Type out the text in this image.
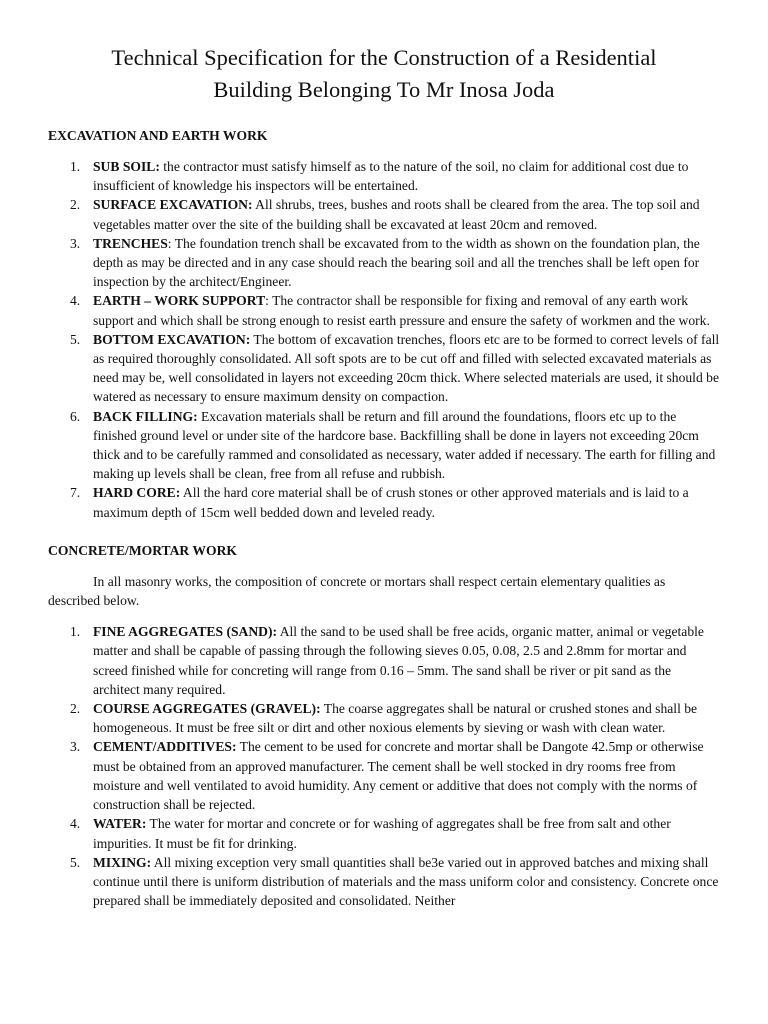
Technical Specification for the Construction of a Residential
Building Belonging To Mr Inosa Joda
EXCAVATION AND EARTH WORK
1. SUB SOIL: the contractor must satisfy himself as to the nature of the soil, no claim for additional cost due to insufficient of knowledge his inspectors will be entertained.
2. SURFACE EXCAVATION: All shrubs, trees, bushes and roots shall be cleared from the area. The top soil and vegetables matter over the site of the building shall be excavated at least 20cm and removed.
3. TRENCHES: The foundation trench shall be excavated from to the width as shown on the foundation plan, the depth as may be directed and in any case should reach the bearing soil and all the trenches shall be left open for inspection by the architect/Engineer.
4. EARTH – WORK SUPPORT: The contractor shall be responsible for fixing and removal of any earth work support and which shall be strong enough to resist earth pressure and ensure the safety of workmen and the work.
5. BOTTOM EXCAVATION: The bottom of excavation trenches, floors etc are to be formed to correct levels of fall as required thoroughly consolidated. All soft spots are to be cut off and filled with selected excavated materials as need may be, well consolidated in layers not exceeding 20cm thick. Where selected materials are used, it should be watered as necessary to ensure maximum density on compaction.
6. BACK FILLING: Excavation materials shall be return and fill around the foundations, floors etc up to the finished ground level or under site of the hardcore base. Backfilling shall be done in layers not exceeding 20cm thick and to be carefully rammed and consolidated as necessary, water added if necessary. The earth for filling and making up levels shall be clean, free from all refuse and rubbish.
7. HARD CORE: All the hard core material shall be of crush stones or other approved materials and is laid to a maximum depth of 15cm well bedded down and leveled ready.
CONCRETE/MORTAR WORK

In all masonry works, the composition of concrete or mortars shall respect certain elementary qualities as described below.

1. FINE AGGREGATES (SAND): All the sand to be used shall be free acids, organic matter, animal or vegetable matter and shall be capable of passing through the following sieves 0.05, 0.08, 2.5 and 2.8mm for mortar and screed finished while for concreting will range from 0.16 – 5mm. The sand shall be river or pit sand as the architect many required.
2. COURSE AGGREGATES (GRAVEL): The coarse aggregates shall be natural or crushed stones and shall be homogeneous. It must be free silt or dirt and other noxious elements by sieving or wash with clean water.
3. CEMENT/ADDITIVES: The cement to be used for concrete and mortar shall be Dangote 42.5mp or otherwise must be obtained from an approved manufacturer. The cement shall be well stocked in dry rooms free from moisture and well ventilated to avoid humidity. Any cement or additive that does not comply with the norms of construction shall be rejected.
4. WATER: The water for mortar and concrete or for washing of aggregates shall be free from salt and other impurities. It must be fit for drinking.
5. MIXING: All mixing exception very small quantities shall be3e varied out in approved batches and mixing shall continue until there is uniform distribution of materials and the mass uniform color and consistency. Concrete once prepared shall be immediately deposited and consolidated. Neither
